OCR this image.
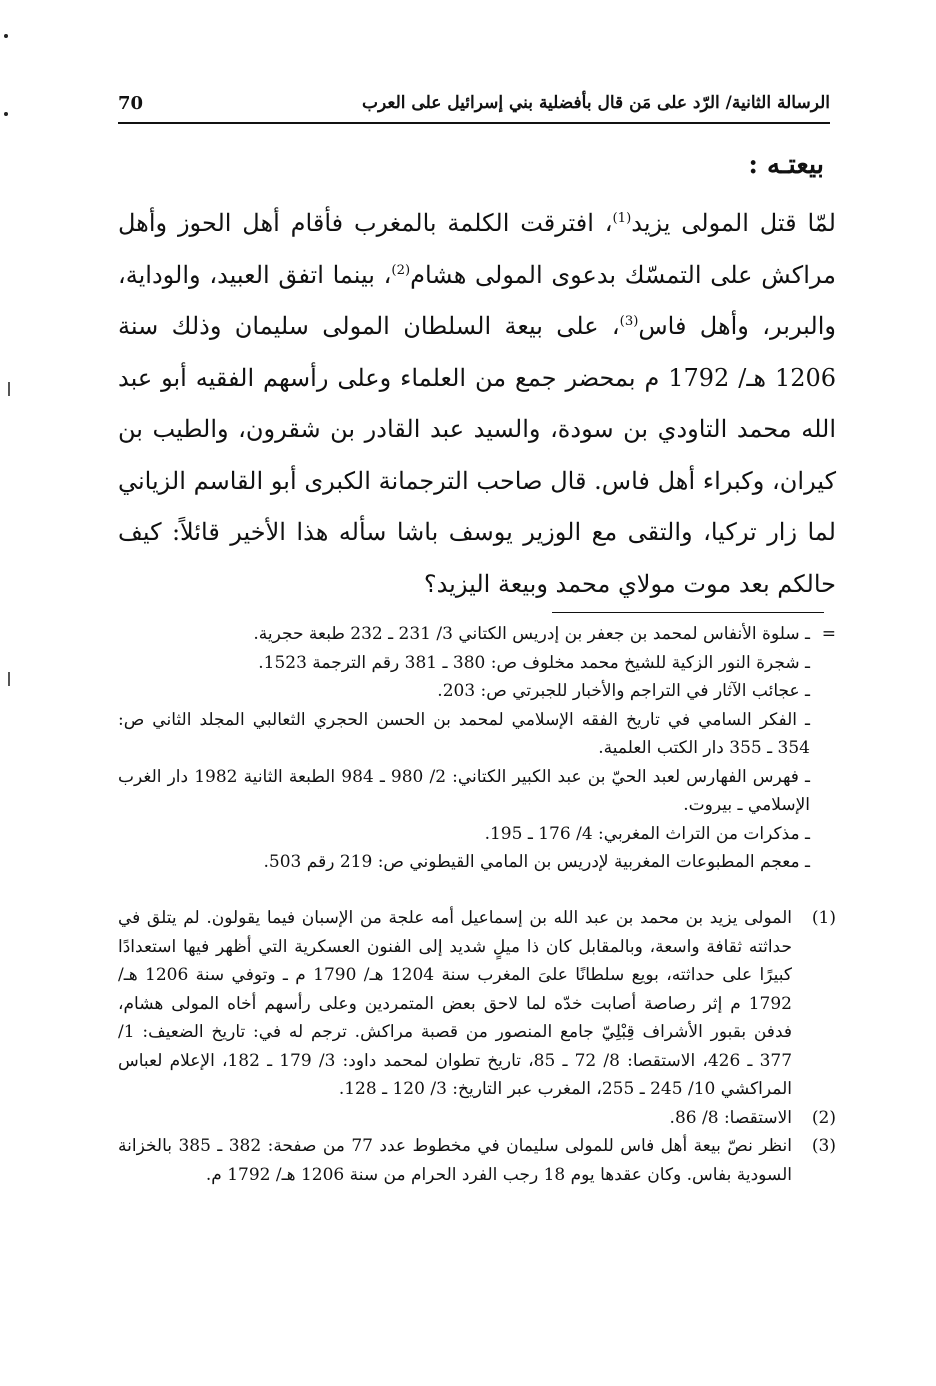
الرسالة الثانية/ الرّد على مَن قال بأفضلية بني إسرائيل على العرب
70
بيعتـه :

لمّا قتل المولى يزيد$^{(1)}$، افترقت الكلمة بالمغرب فأقام أهل الحوز وأهل مراكش على التمسّك بدعوى المولى هشام$^{(2)}$، بينما اتفق العبيد، والوداية، والبربر، وأهل فاس$^{(3)}$، على بيعة السلطان المولى سليمان وذلك سنة 1206 هـ/ 1792 م بمحضر جمع من العلماء وعلى رأسهم الفقيه أبو عبد الله محمد التاودي بن سودة، والسيد عبد القادر بن شقرون، والطيب بن كيران، وكبراء أهل فاس. قال صاحب الترجمانة الكبرى أبو القاسم الزياني لما زار تركيا، والتقى مع الوزير يوسف باشا سأله هذا الأخير قائلاً: كيف حالكم بعد موت مولاي محمد وبيعة اليزيد؟

=
ـ سلوة الأنفاس لمحمد بن جعفر بن إدريس الكتاني 3/ 231 ـ 232 طبعة حجرية.
ـ شجرة النور الزكية للشيخ محمد مخلوف ص: 380 ـ 381 رقم الترجمة 1523.
ـ عجائب الآثار في التراجم والأخبار للجبرتي ص: 203.
ـ الفكر السامي في تاريخ الفقه الإسلامي لمحمد بن الحسن الحجري الثعالبي المجلد الثاني ص: 354 ـ 355 دار الكتب العلمية.
ـ فهرس الفهارس لعبد الحيّ بن عبد الكبير الكتاني: 2/ 980 ـ 984 الطبعة الثانية 1982 دار الغرب الإسلامي ـ بيروت.
ـ مذكرات من التراث المغربي: 4/ 176 ـ 195.
ـ معجم المطبوعات المغربية لإدريس بن المامي القيطوني ص: 219 رقم 503.
(1)
المولى يزيد بن محمد بن عبد الله بن إسماعيل أمه علجة من الإسبان فيما يقولون. لم يتلق في حداثته ثقافة واسعة، وبالمقابل كان ذا ميلٍ شديد إلى الفنون العسكرية التي أظهر فيها استعدادًا كبيرًا على حداثته، بويع سلطانًا علىَ المغرب سنة 1204 هـ/ 1790 م ـ وتوفي سنة 1206 هـ/ 1792 م إثر رصاصة أصابت خدّه لما لاحق بعض المتمردين وعلى رأسهم أخاه المولى هشام، فدفن بقبور الأشراف قِبْلِيّ جامع المنصور من قصبة مراكش. ترجم له في: تاريخ الضعيف: 1/ 377 ـ 426، الاستقصا: 8/ 72 ـ 85، تاريخ تطوان لمحمد داود: 3/ 179 ـ 182، الإعلام لعباس المراكشي 10/ 245 ـ 255، المغرب عبر التاريخ: 3/ 120 ـ 128.
(2)
الاستقصا: 8/ 86.
(3)
انظر نصّ بيعة أهل فاس للمولى سليمان في مخطوط عدد 77 من صفحة: 382 ـ 385 بالخزانة السودية بفاس. وكان عقدها يوم 18 رجب الفرد الحرام من سنة 1206 هـ/ 1792 م.
